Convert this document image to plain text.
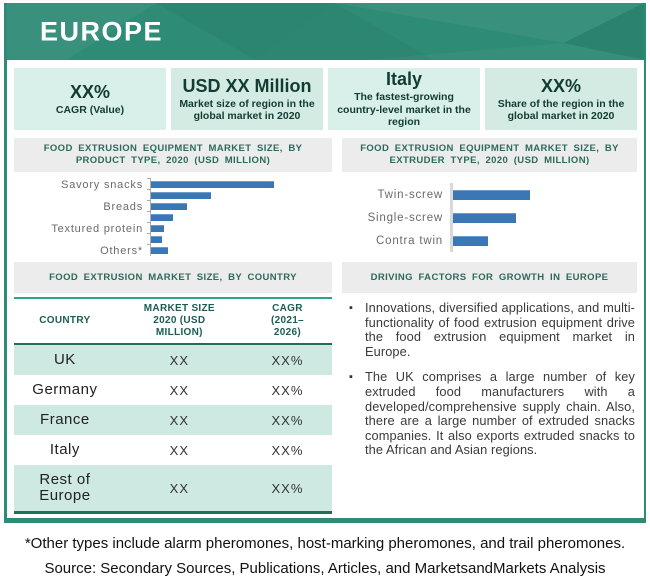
EUROPE
XX%
CAGR (Value)
USD XX Million
Market size of region in the global market in 2020
Italy
The fastest-growing country-level market in the region
XX%
Share of the region in the global market in 2020
FOOD EXTRUSION EQUIPMENT MARKET SIZE, BY PRODUCT TYPE, 2020 (USD MILLION)
FOOD EXTRUSION EQUIPMENT MARKET SIZE, BY EXTRUDER TYPE, 2020 (USD MILLION)
Savory snacks
Breads
Textured protein
Others*
Twin-screw
Single-screw
Contra twin
FOOD EXTRUSION MARKET SIZE, BY COUNTRY	DRIVING FACTORS FOR GROWTH IN EUROPE
COUNTRY	MARKET SIZE 2020 (USD MILLION)	CAGR (2021– 2026)
UK	XX	XX%
Germany	XX	XX%
France	XX	XX%
Italy	XX	XX%
Rest of Europe	XX	XX%
▪ Innovations, diversified applications, and multi-functionality of food extrusion equipment drive the food extrusion equipment market in Europe.
▪ The UK comprises a large number of key extruded food manufacturers with a developed/comprehensive supply chain. Also, there are a large number of extruded snacks companies. It also exports extruded snacks to the African and Asian regions.
*Other types include alarm pheromones, host-marking pheromones, and trail pheromones.
Source: Secondary Sources, Publications, Articles, and MarketsandMarkets Analysis
